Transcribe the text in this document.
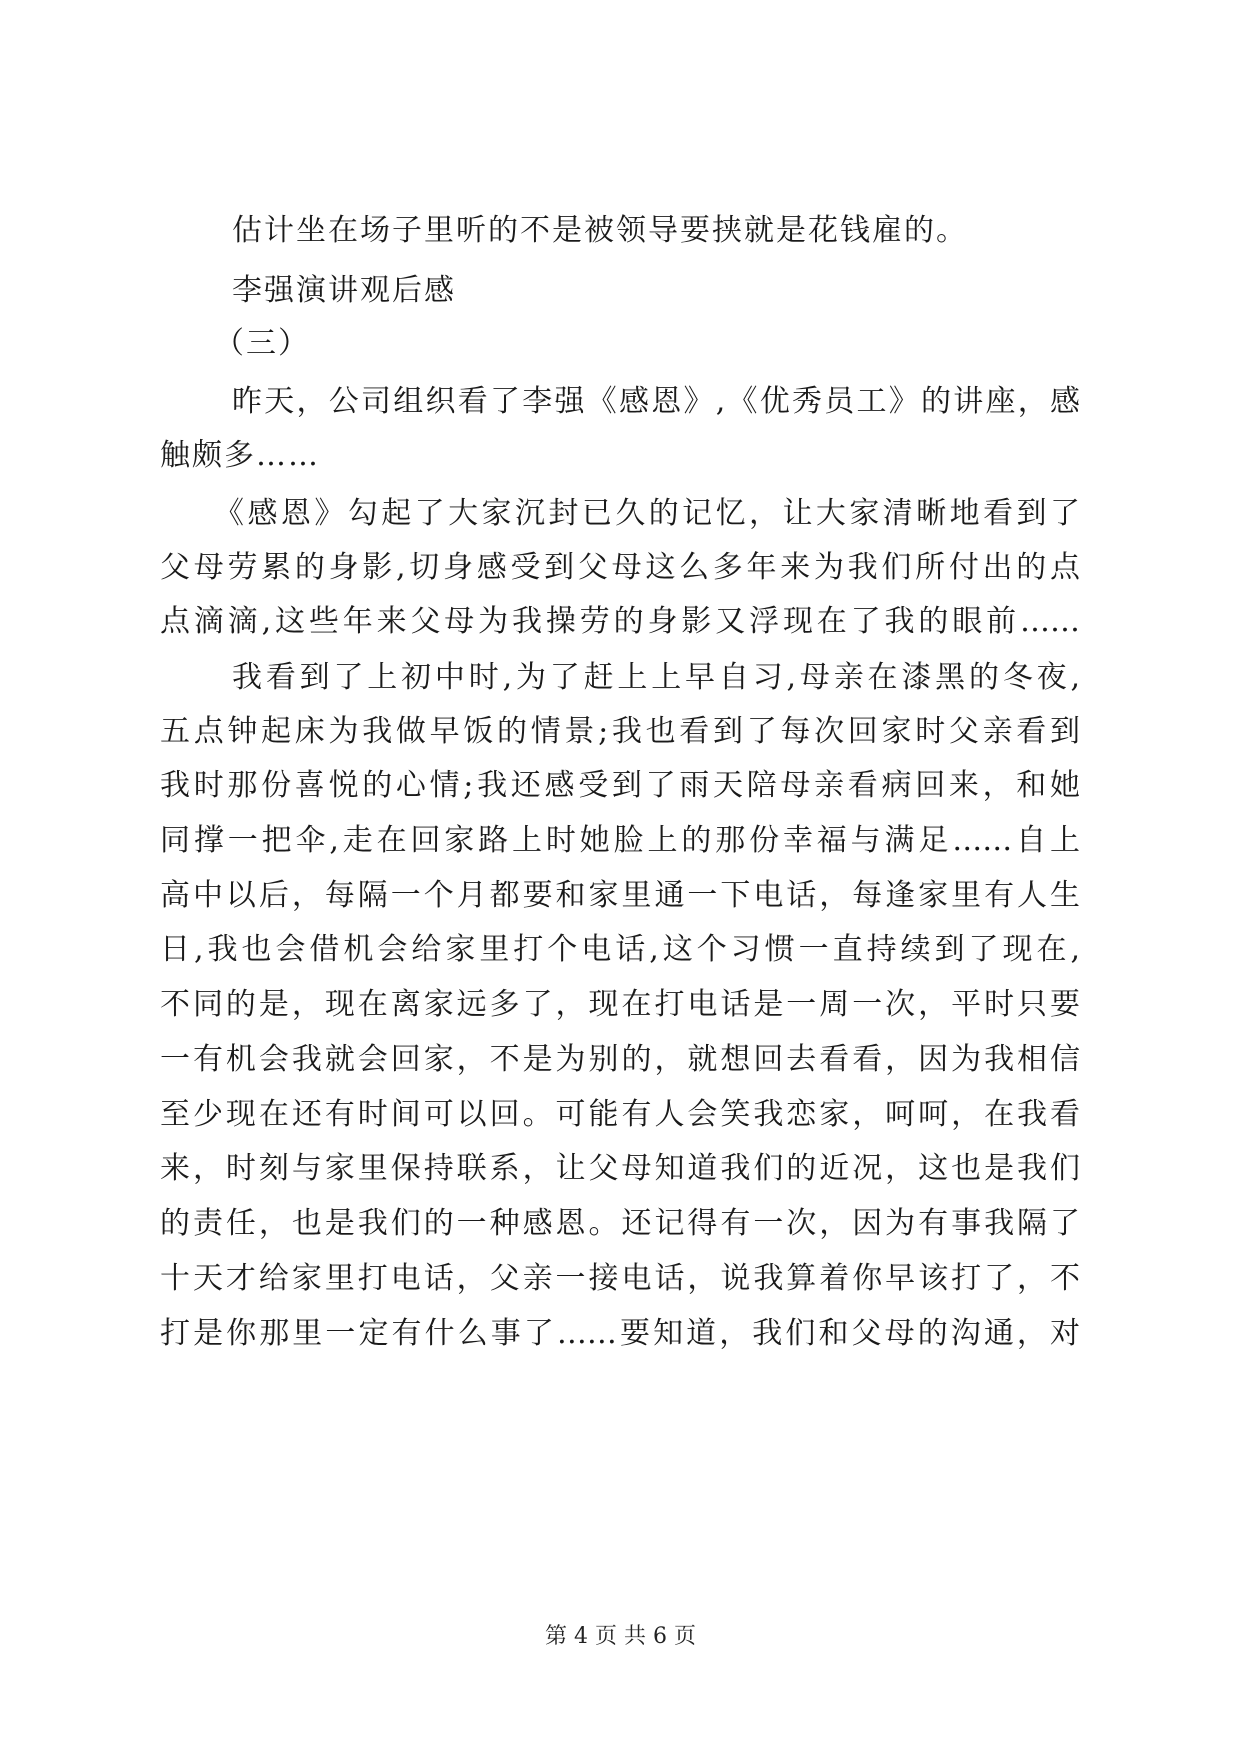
估计坐在场子里听的不是被领导要挟就是花钱雇的。
李强演讲观后感
（三）
昨天，公司组织看了李强《感恩》,《优秀员工》的讲座，感
触颇多……
《感恩》勾起了大家沉封已久的记忆，让大家清晰地看到了
父母劳累的身影,切身感受到父母这么多年来为我们所付出的点
点滴滴,这些年来父母为我操劳的身影又浮现在了我的眼前……
我看到了上初中时,为了赶上上早自习,母亲在漆黑的冬夜,
五点钟起床为我做早饭的情景;我也看到了每次回家时父亲看到
我时那份喜悦的心情;我还感受到了雨天陪母亲看病回来，和她
同撑一把伞,走在回家路上时她脸上的那份幸福与满足……自上
高中以后，每隔一个月都要和家里通一下电话，每逢家里有人生
日,我也会借机会给家里打个电话,这个习惯一直持续到了现在,
不同的是，现在离家远多了，现在打电话是一周一次，平时只要
一有机会我就会回家，不是为别的，就想回去看看，因为我相信
至少现在还有时间可以回。可能有人会笑我恋家，呵呵，在我看
来，时刻与家里保持联系，让父母知道我们的近况，这也是我们
的责任，也是我们的一种感恩。还记得有一次，因为有事我隔了
十天才给家里打电话，父亲一接电话，说我算着你早该打了，不
打是你那里一定有什么事了……要知道，我们和父母的沟通，对
第 4 页 共 6 页
